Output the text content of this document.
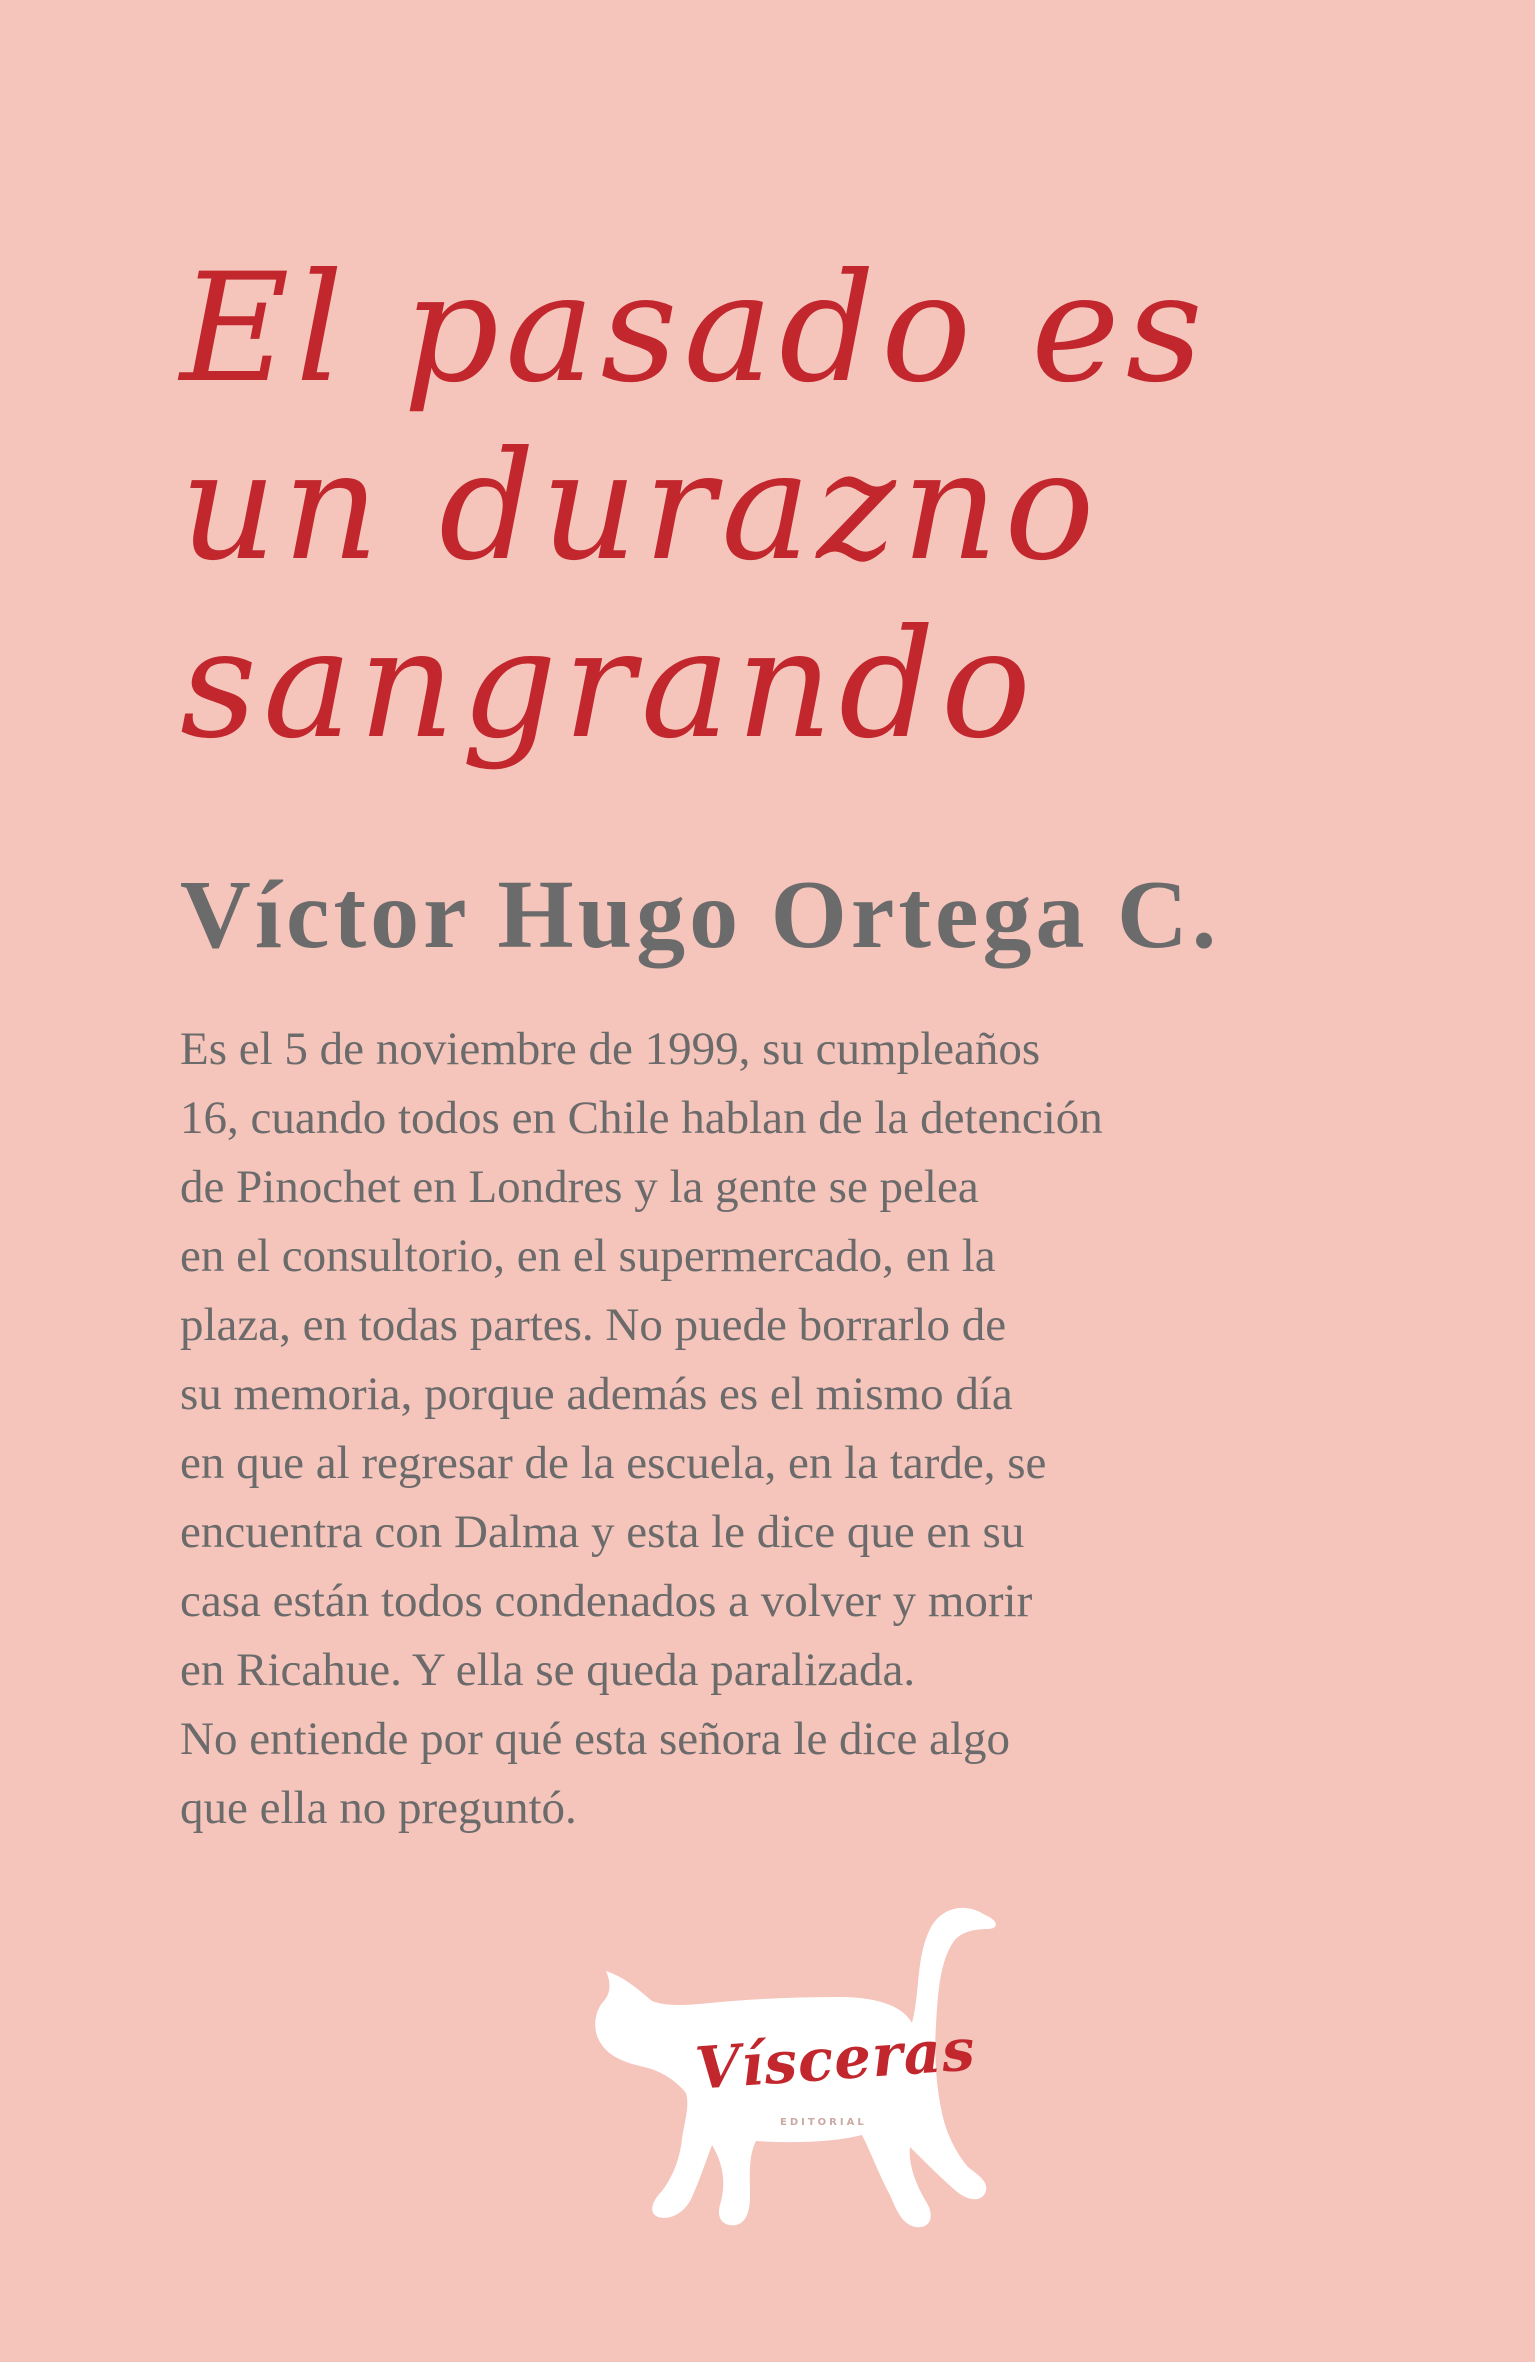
El pasado es
un durazno
sangrando
Víctor Hugo Ortega C.
Es el 5 de noviembre de 1999, su cumpleaños
16, cuando todos en Chile hablan de la detención
de Pinochet en Londres y la gente se pelea
en el consultorio, en el supermercado, en la
plaza, en todas partes. No puede borrarlo de
su memoria, porque además es el mismo día
en que al regresar de la escuela, en la tarde, se
encuentra con Dalma y esta le dice que en su
casa están todos condenados a volver y morir
en Ricahue. Y ella se queda paralizada.
No entiende por qué esta señora le dice algo
que ella no preguntó.
Vísceras
EDITORIAL
